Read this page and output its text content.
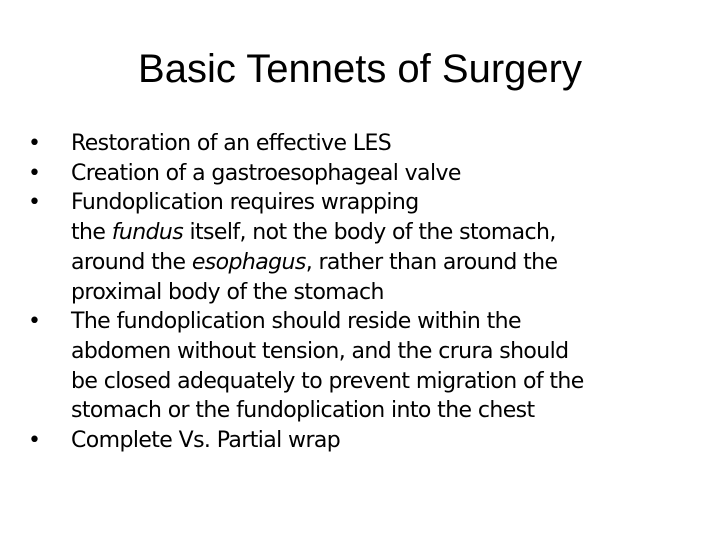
Basic Tennets of Surgery
• Restoration of an effective LES
• Creation of a gastroesophageal valve
• Fundoplication requires wrapping
the fundus itself, not the body of the stomach,
around the esophagus, rather than around the
proximal body of the stomach
• The fundoplication should reside within the
abdomen without tension, and the crura should
be closed adequately to prevent migration of the
stomach or the fundoplication into the chest
• Complete Vs. Partial wrap
